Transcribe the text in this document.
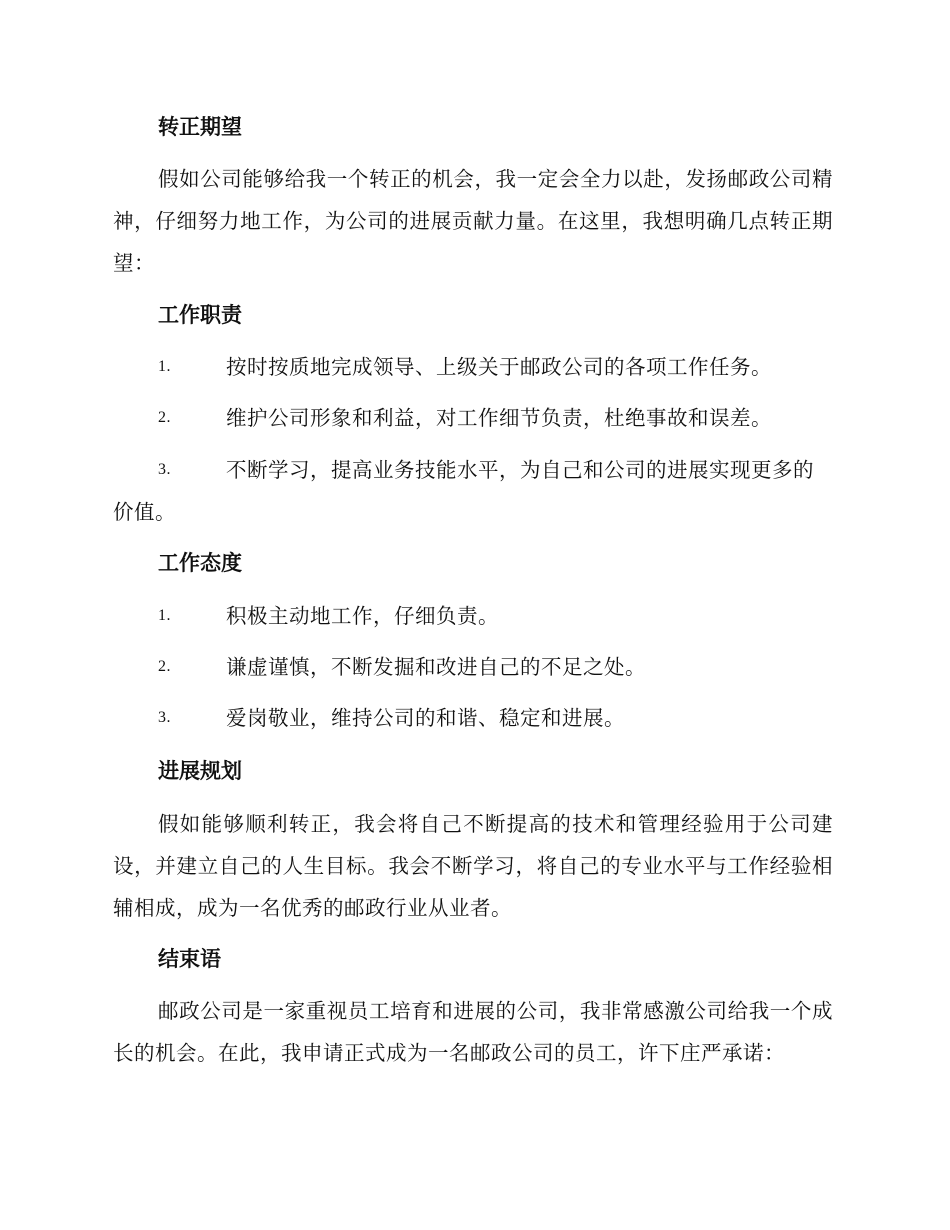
转正期望

假如公司能够给我一个转正的机会，我一定会全力以赴，发扬邮政公司精神，仔细努力地工作，为公司的进展贡献力量。在这里，我想明确几点转正期望：

工作职责
1.	按时按质地完成领导、上级关于邮政公司的各项工作任务。
2.	维护公司形象和利益，对工作细节负责，杜绝事故和误差。
3.	不断学习，提高业务技能水平，为自己和公司的进展实现更多的价值。
工作态度
1.	积极主动地工作，仔细负责。
2.	谦虚谨慎，不断发掘和改进自己的不足之处。
3.	爱岗敬业，维持公司的和谐、稳定和进展。
进展规划

假如能够顺利转正，我会将自己不断提高的技术和管理经验用于公司建设，并建立自己的人生目标。我会不断学习，将自己的专业水平与工作经验相辅相成，成为一名优秀的邮政行业从业者。

结束语

邮政公司是一家重视员工培育和进展的公司，我非常感激公司给我一个成长的机会。在此，我申请正式成为一名邮政公司的员工，许下庄严承诺：
